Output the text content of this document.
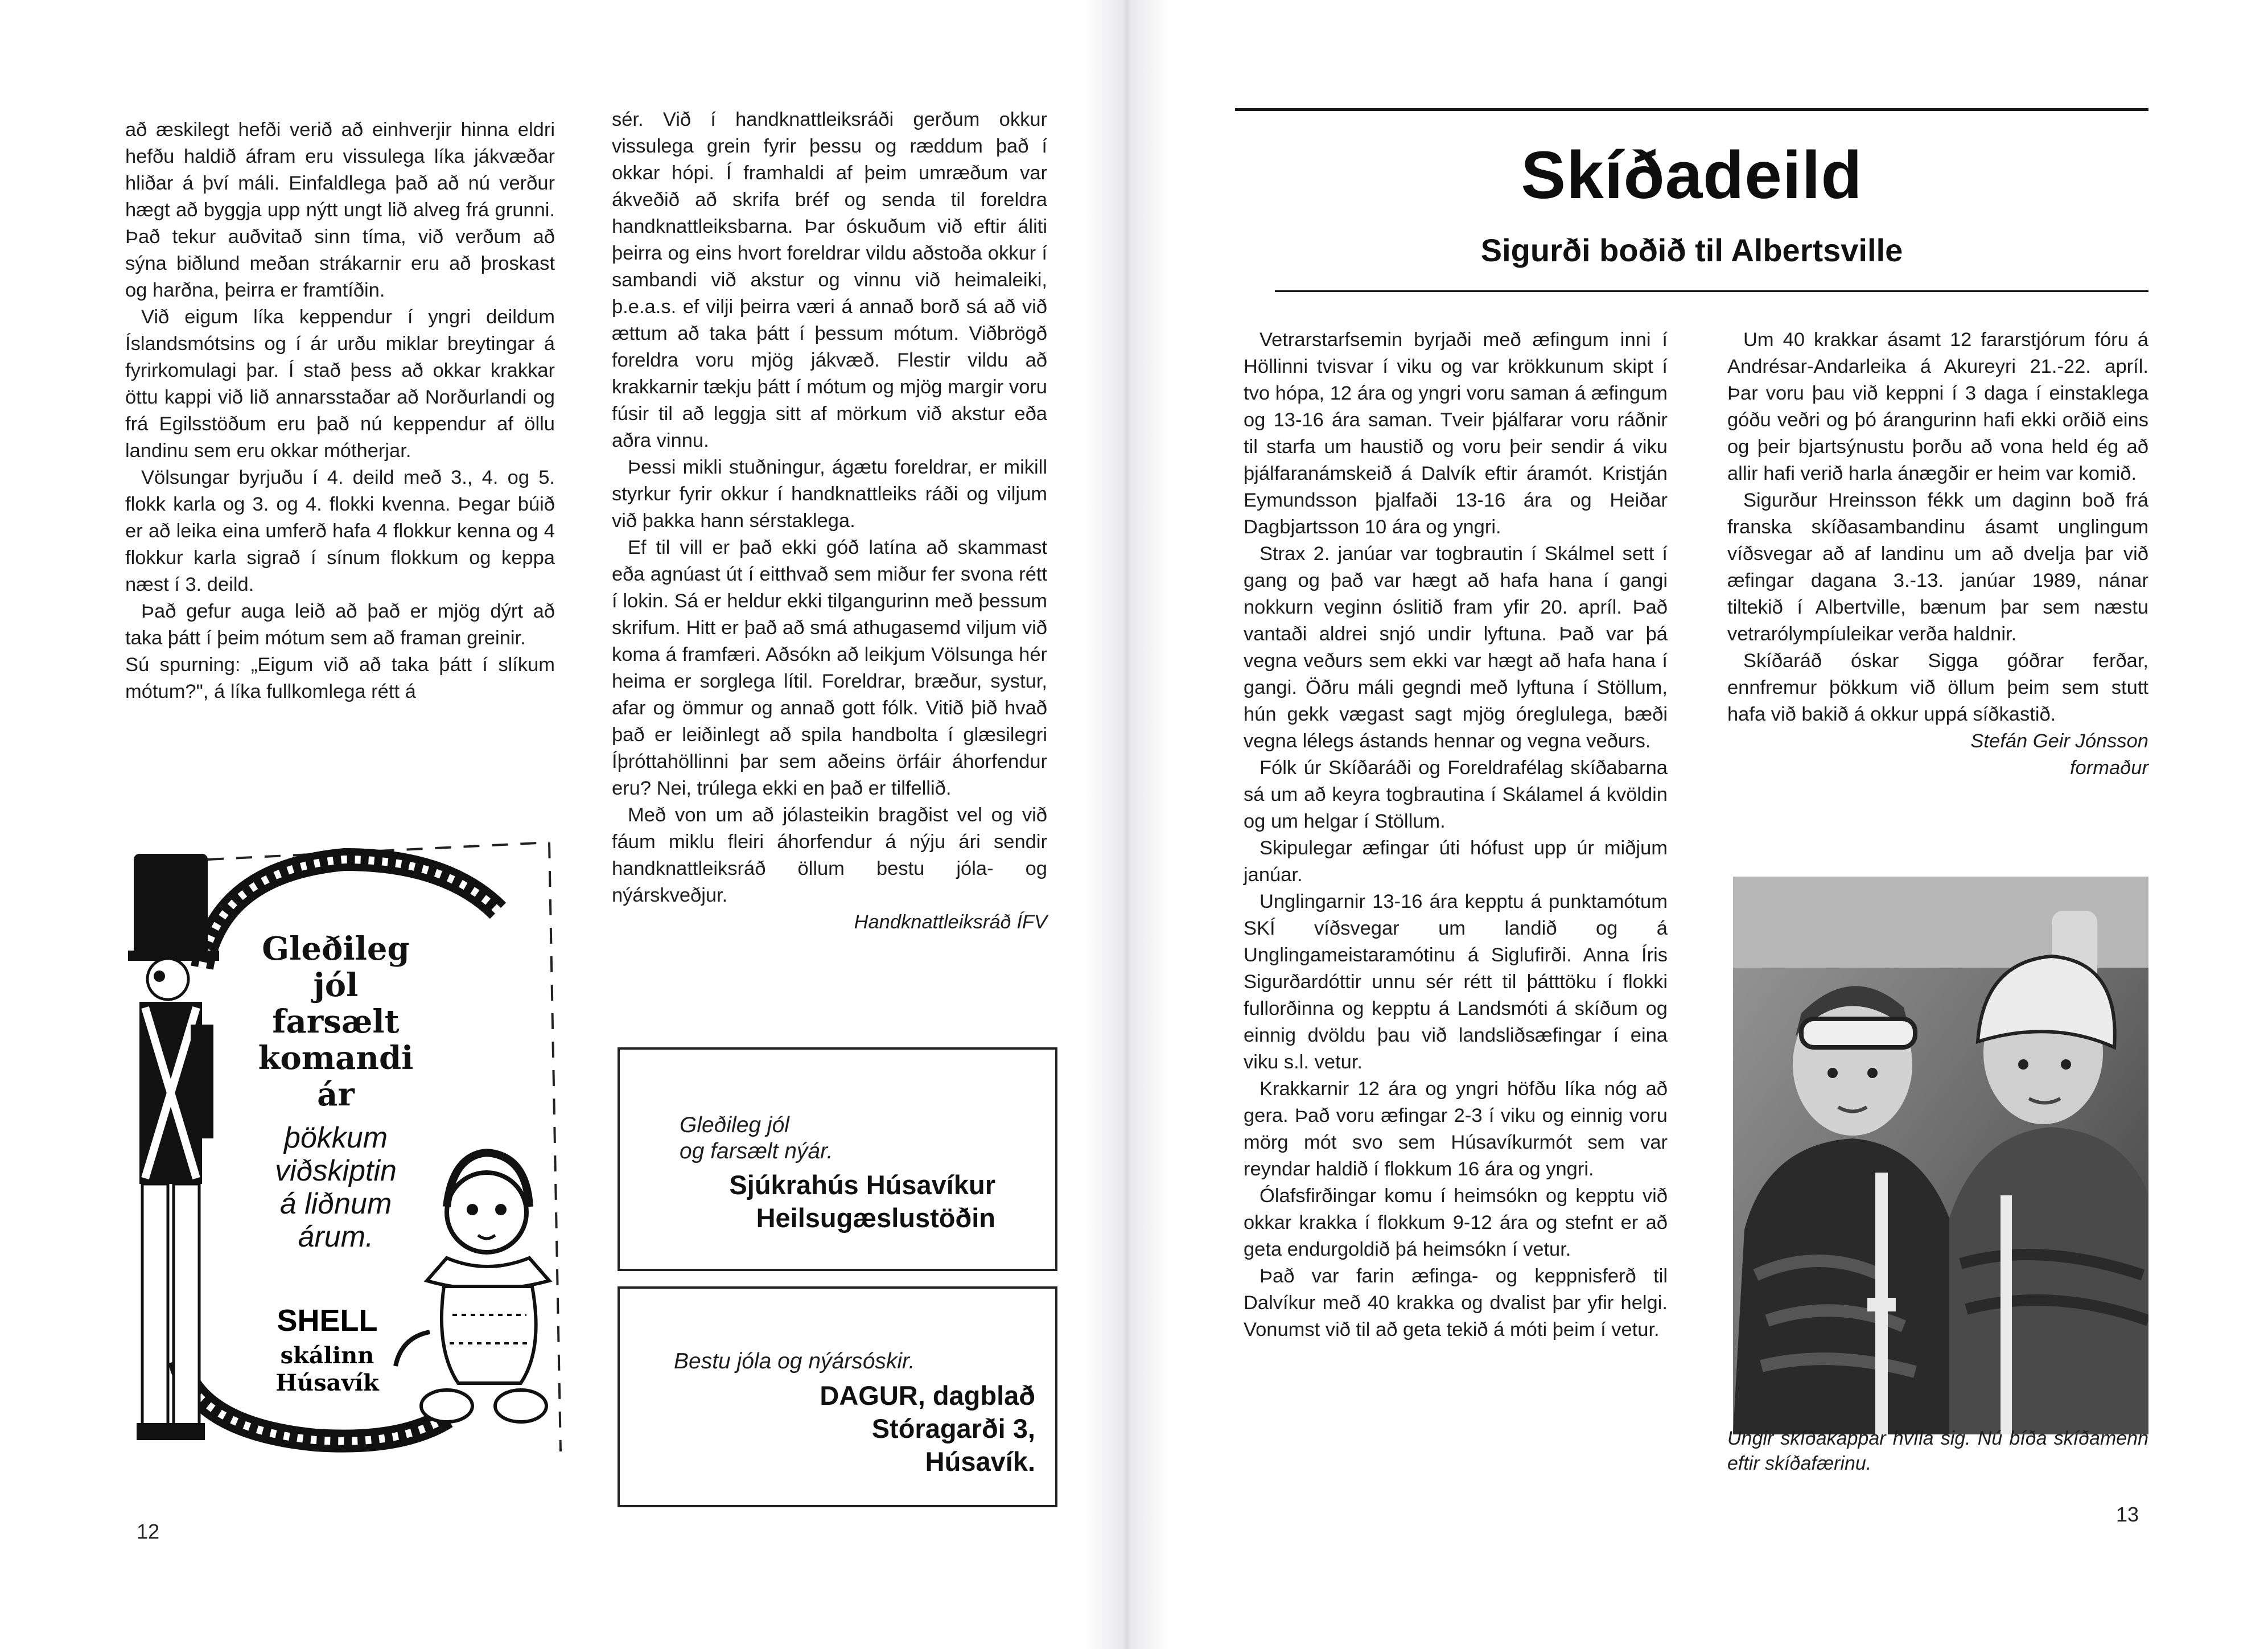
að æskilegt hefði verið að einhverjir hinna eldri hefðu haldið áfram eru vissulega líka jákvæðar hliðar á því máli. Einfaldlega það að nú verður hægt að byggja upp nýtt ungt lið alveg frá grunni. Það tekur auðvitað sinn tíma, við verðum að sýna biðlund meðan strákarnir eru að þroskast og harðna, þeirra er framtíðin.

Við eigum líka keppendur í yngri deildum Íslandsmótsins og í ár urðu miklar breytingar á fyrirkomulagi þar. Í stað þess að okkar krakkar öttu kappi við lið annarsstaðar að Norðurlandi og frá Egilsstöðum eru það nú keppendur af öllu landinu sem eru okkar mótherjar.

Völsungar byrjuðu í 4. deild með 3., 4. og 5. flokk karla og 3. og 4. flokki kvenna. Þegar búið er að leika eina umferð hafa 4 flokkur kenna og 4 flokkur karla sigrað í sínum flokkum og keppa næst í 3. deild.

Það gefur auga leið að það er mjög dýrt að taka þátt í þeim mótum sem að framan greinir.

Sú spurning: „Eigum við að taka þátt í slíkum mótum?", á líka fullkomlega rétt á

sér. Við í handknattleiksráði gerðum okkur vissulega grein fyrir þessu og ræddum það í okkar hópi. Í framhaldi af þeim umræðum var ákveðið að skrifa bréf og senda til foreldra handknattleiksbarna. Þar óskuðum við eftir áliti þeirra og eins hvort foreldrar vildu aðstoða okkur í sambandi við akstur og vinnu við heimaleiki, þ.e.a.s. ef vilji þeirra væri á annað borð sá að við ættum að taka þátt í þessum mótum. Viðbrögð foreldra voru mjög jákvæð. Flestir vildu að krakkarnir tækju þátt í mótum og mjög margir voru fúsir til að leggja sitt af mörkum við akstur eða aðra vinnu.

Þessi mikli stuðningur, ágætu foreldrar, er mikill styrkur fyrir okkur í handknattleiks ráði og viljum við þakka hann sérstaklega.

Ef til vill er það ekki góð latína að skammast eða agnúast út í eitthvað sem miður fer svona rétt í lokin. Sá er heldur ekki tilgangurinn með þessum skrifum. Hitt er það að smá athugasemd viljum við koma á framfæri. Aðsókn að leikjum Völsunga hér heima er sorglega lítil. Foreldrar, bræður, systur, afar og ömmur og annað gott fólk. Vitið þið hvað það er leiðinlegt að spila handbolta í glæsilegri Íþróttahöllinni þar sem aðeins örfáir áhorfendur eru? Nei, trúlega ekki en það er tilfellið.

Með von um að jólasteikin bragðist vel og við fáum miklu fleiri áhorfendur á nýju ári sendir handknattleiksráð öllum bestu jóla- og nýárskveðjur.

Handknattleiksráð ÍFV

Gleðileg
jól
farsælt
komandi
ár
þökkum
viðskiptin
á liðnum
árum.
SHELL
skálinn
Húsavík
Gleðileg jól
og farsælt nýár.
Sjúkrahús Húsavíkur
Heilsugæslustöðin
Bestu jóla og nýársóskir.
DAGUR, dagblað
Stóragarði 3,
Húsavík.
12
Skíðadeild
Sigurði boðið til Albertsville

Vetrarstarfsemin byrjaði með æfingum inni í Höllinni tvisvar í viku og var krökkunum skipt í tvo hópa, 12 ára og yngri voru saman á æfingum og 13-16 ára saman. Tveir þjálfarar voru ráðnir til starfa um haustið og voru þeir sendir á viku þjálfaranámskeið á Dalvík eftir áramót. Kristján Eymundsson þjalfaði 13-16 ára og Heiðar Dagbjartsson 10 ára og yngri.

Strax 2. janúar var togbrautin í Skálmel sett í gang og það var hægt að hafa hana í gangi nokkurn veginn óslitið fram yfir 20. apríl. Það vantaði aldrei snjó undir lyftuna. Það var þá vegna veðurs sem ekki var hægt að hafa hana í gangi. Öðru máli gegndi með lyftuna í Stöllum, hún gekk vægast sagt mjög óreglulega, bæði vegna lélegs ástands hennar og vegna veðurs.

Fólk úr Skíðaráði og Foreldrafélag skíðabarna sá um að keyra togbrautina í Skálamel á kvöldin og um helgar í Stöllum.

Skipulegar æfingar úti hófust upp úr miðjum janúar.

Unglingarnir 13-16 ára kepptu á punktamótum SKÍ víðsvegar um landið og á Unglingameistaramótinu á Siglufirði. Anna Íris Sigurðardóttir unnu sér rétt til þátttöku í flokki fullorðinna og kepptu á Landsmóti á skíðum og einnig dvöldu þau við landsliðsæfingar í eina viku s.l. vetur.

Krakkarnir 12 ára og yngri höfðu líka nóg að gera. Það voru æfingar 2-3 í viku og einnig voru mörg mót svo sem Húsavíkurmót sem var reyndar haldið í flokkum 16 ára og yngri.

Ólafsfirðingar komu í heimsókn og kepptu við okkar krakka í flokkum 9-12 ára og stefnt er að geta endurgoldið þá heimsókn í vetur.

Það var farin æfinga- og keppnisferð til Dalvíkur með 40 krakka og dvalist þar yfir helgi. Vonumst við til að geta tekið á móti þeim í vetur.

Um 40 krakkar ásamt 12 fararstjórum fóru á Andrésar-Andarleika á Akureyri 21.-22. apríl. Þar voru þau við keppni í 3 daga í einstaklega góðu veðri og þó árangurinn hafi ekki orðið eins og þeir bjartsýnustu þorðu að vona held ég að allir hafi verið harla ánægðir er heim var komið.

Sigurður Hreinsson fékk um daginn boð frá franska skíðasambandinu ásamt unglingum víðsvegar að af landinu um að dvelja þar við æfingar dagana 3.-13. janúar 1989, nánar tiltekið í Albertville, bænum þar sem næstu vetrarólympíuleikar verða haldnir.

Skíðaráð óskar Sigga góðrar ferðar, ennfremur þökkum við öllum þeim sem stutt hafa við bakið á okkur uppá síðkastið.

Stefán Geir Jónsson

formaður

Ungir skíðakappar hvíla sig. Nú bíða skíðamenn eftir skíðafærinu.
13
